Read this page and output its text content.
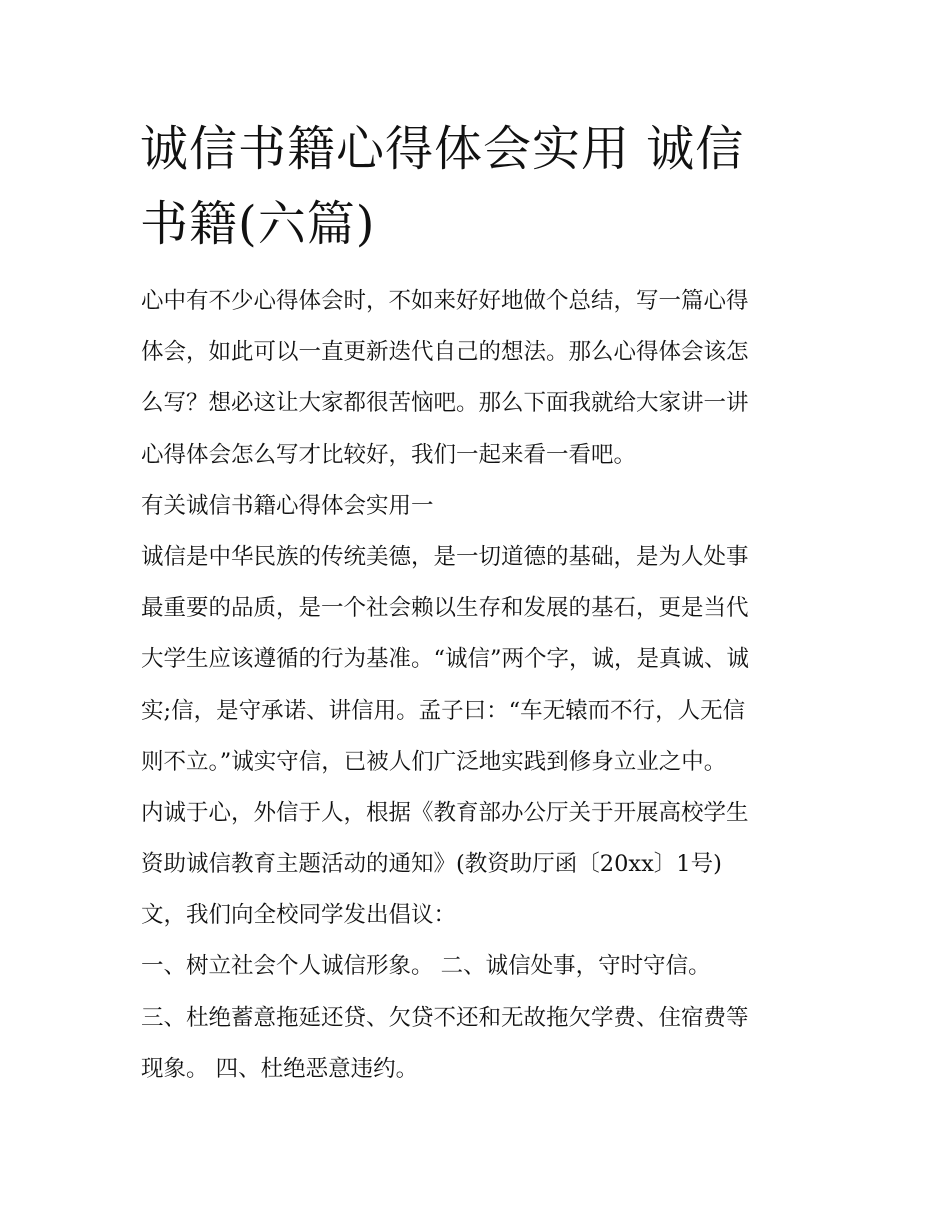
诚信书籍心得体会实用 诚信
书籍(六篇)
心中有不少心得体会时，不如来好好地做个总结，写一篇心得
体会，如此可以一直更新迭代自己的想法。那么心得体会该怎
么写？想必这让大家都很苦恼吧。那么下面我就给大家讲一讲
心得体会怎么写才比较好，我们一起来看一看吧。
有关诚信书籍心得体会实用一
诚信是中华民族的传统美德，是一切道德的基础，是为人处事
最重要的品质，是一个社会赖以生存和发展的基石，更是当代
大学生应该遵循的行为基准。“诚信”两个字，诚，是真诚、诚
实;信，是守承诺、讲信用。孟子曰：“车无辕而不行，人无信
则不立。”诚实守信，已被人们广泛地实践到修身立业之中。
内诚于心，外信于人，根据《教育部办公厅关于开展高校学生
资助诚信教育主题活动的通知》(教资助厅函〔20xx〕1号)
文，我们向全校同学发出倡议：
一、树立社会个人诚信形象。 二、诚信处事，守时守信。
三、杜绝蓄意拖延还贷、欠贷不还和无故拖欠学费、住宿费等
现象。 四、杜绝恶意违约。
